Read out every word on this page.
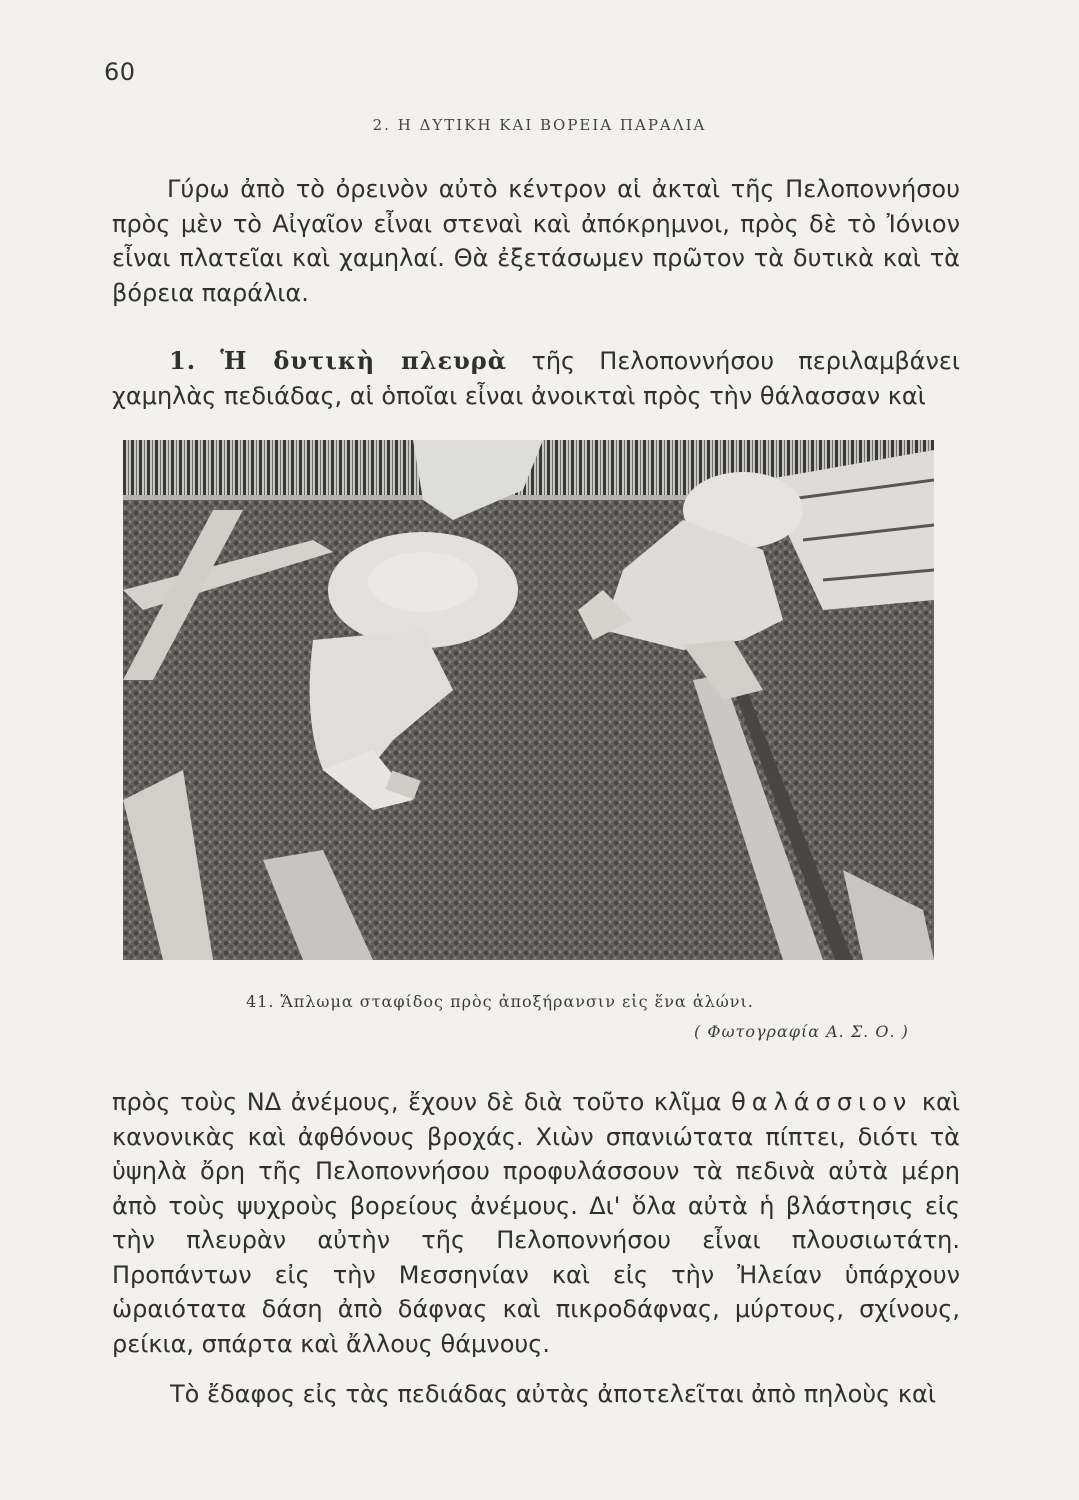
60
2. Η ΔΥΤΙΚΗ ΚΑΙ ΒΟΡΕΙΑ ΠΑΡΑΛΙΑ
Γύρω ἀπὸ τὸ ὀρεινὸν αὐτὸ κέντρον αἱ ἀκταὶ τῆς Πελοποννήσου πρὸς μὲν τὸ Αἰγαῖον εἶναι στεναὶ καὶ ἀπόκρημνοι, πρὸς δὲ τὸ Ἰόνιον εἶναι πλατεῖαι καὶ χαμηλαί. Θὰ ἐξετάσωμεν πρῶτον τὰ δυτικὰ καὶ τὰ βόρεια παράλια.
1. Ἡ δυτικὴ πλευρὰ τῆς Πελοποννήσου περιλαμβάνει χαμηλὰς πεδιάδας, αἱ ὁποῖαι εἶναι ἀνοικταὶ πρὸς τὴν θάλασσαν καὶ
41. Ἅπλωμα σταφίδος πρὸς ἀποξήρανσιν εἰς ἕνα ἁλώνι.
( Φωτογραφία Α. Σ. Ο. )
πρὸς τοὺς ΝΔ ἀνέμους, ἔχουν δὲ διὰ τοῦτο κλῖμα θαλάσσιον καὶ κανονικὰς καὶ ἀφθόνους βροχάς. Χιὼν σπανιώτατα πίπτει, διότι τὰ ὑψηλὰ ὄρη τῆς Πελοποννήσου προφυλάσσουν τὰ πεδινὰ αὐτὰ μέρη ἀπὸ τοὺς ψυχροὺς βορείους ἀνέμους. Δι' ὅλα αὐτὰ ἡ βλάστησις εἰς τὴν πλευρὰν αὐτὴν τῆς Πελοποννήσου εἶναι πλουσιωτάτη. Προπάντων εἰς τὴν Μεσσηνίαν καὶ εἰς τὴν Ἠλείαν ὑπάρχουν ὡραιότατα δάση ἀπὸ δάφνας καὶ πικροδάφνας, μύρτους, σχίνους, ρείκια, σπάρτα καὶ ἄλλους θάμνους.
Τὸ ἔδαφος εἰς τὰς πεδιάδας αὐτὰς ἀποτελεῖται ἀπὸ πηλοὺς καὶ
